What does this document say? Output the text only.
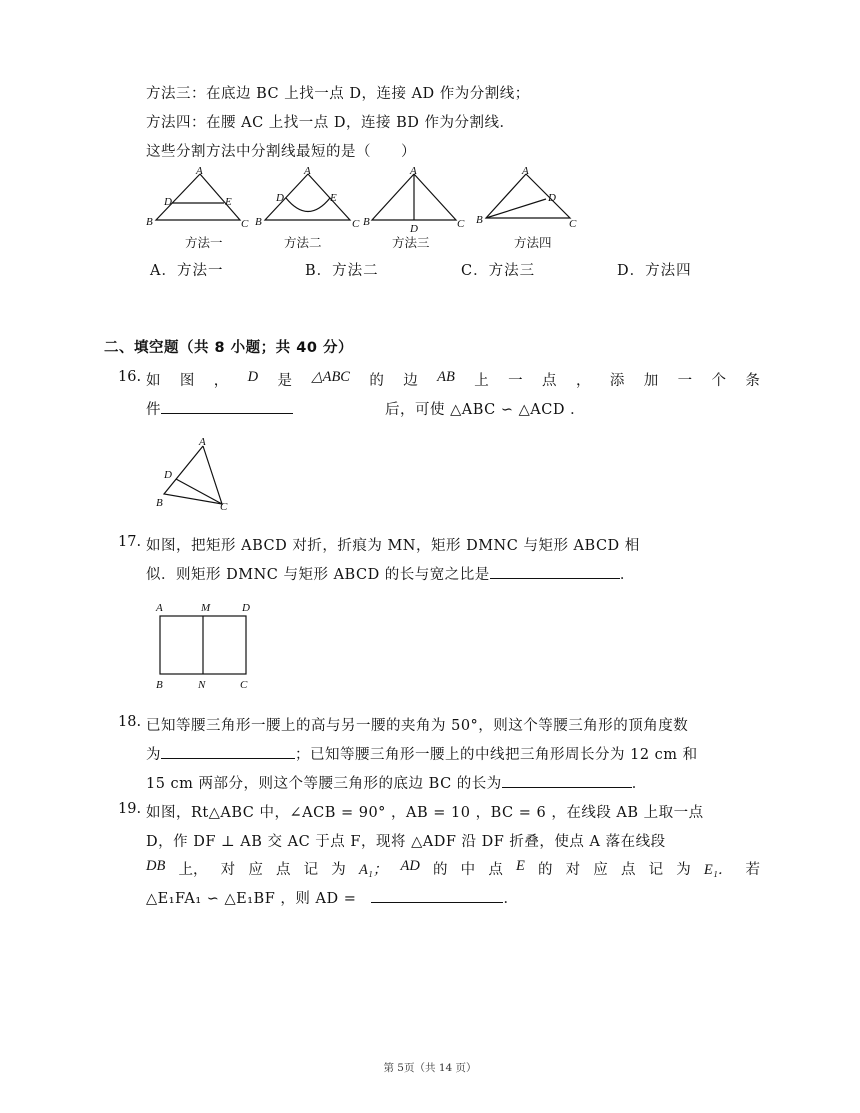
方法三：在底边 BC 上找一点 D，连接 AD 作为分割线；
方法四：在腰 AC 上找一点 D，连接 BD 作为分割线．
这些分割方法中分割线最短的是（　　）
A
D	E
B	C
A
D	E
B	C
A
B	C
D
A
D
B	C
方法一	方法二	方法三	方法四
A．方法一	B．方法二	C．方法三	D．方法四
二、填空题（共 8 小题；共 40 分）
16. 如 图 ， D 是 △ABC 的 边 AB 上 一 点 ， 添 加 一 个 条
件	后，可使 △ABC ∽ △ACD ．
A
D
B	C
17. 如图，把矩形 ABCD 对折，折痕为 MN，矩形 DMNC 与矩形 ABCD 相
似．则矩形 DMNC 与矩形 ABCD 的长与宽之比是	．
A	M	D
B	N	C
18. 已知等腰三角形一腰上的高与另一腰的夹角为 50°，则这个等腰三角形的顶角度数
为	；已知等腰三角形一腰上的中线把三角形周长分为 12 cm 和
15 cm 两部分，则这个等腰三角形的底边 BC 的长为	．
19. 如图，Rt△ABC 中，∠ACB = 90° ，AB = 10 ，BC = 6 ，在线段 AB 上取一点
D，作 DF ⊥ AB 交 AC 于点 F，现将 △ADF 沿 DF 折叠，使点 A 落在线段
DB 上， 对 应 点 记 为 A₁； AD 的 中 点 E 的 对 应 点 记 为 E₁． 若
△E₁FA₁ ∽ △E₁BF ，则 AD =	．
第 5页（共 14 页）
